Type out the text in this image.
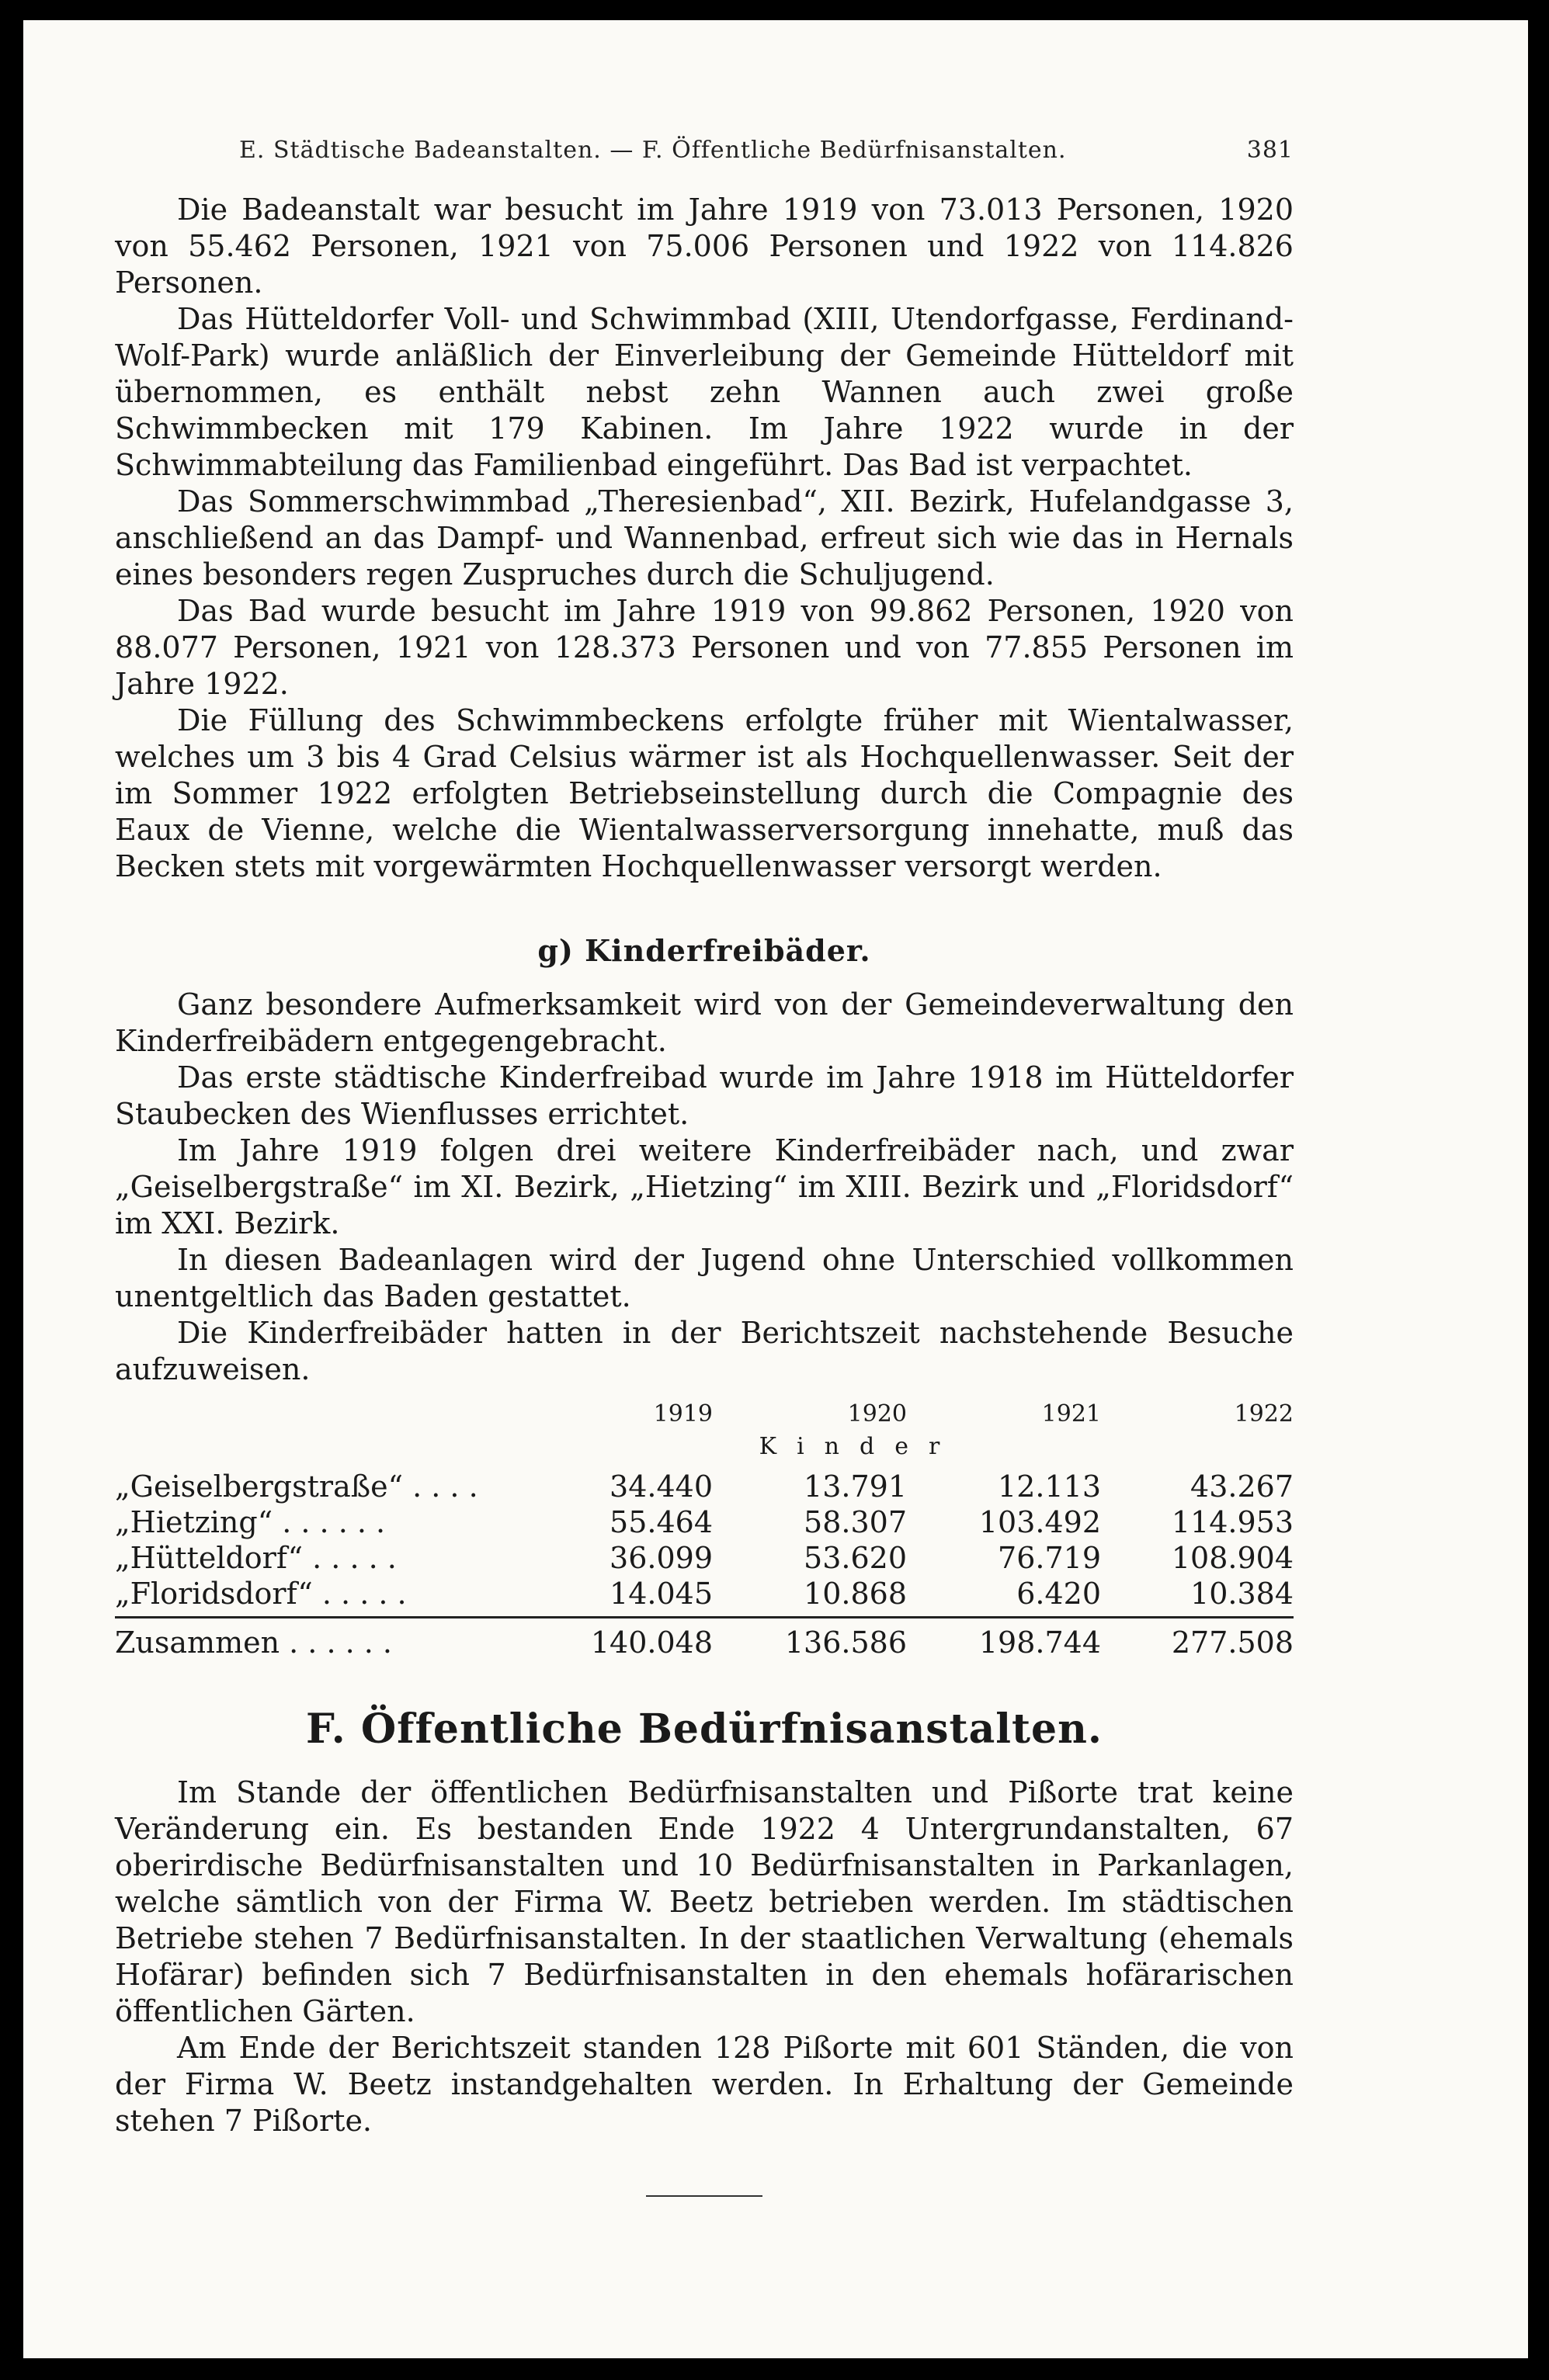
E. Städtische Badeanstalten. — F. Öffentliche Bedürfnisanstalten.	381

Die Badeanstalt war besucht im Jahre 1919 von 73.013 Personen, 1920 von 55.462 Personen, 1921 von 75.006 Personen und 1922 von 114.826 Personen.

Das Hütteldorfer Voll- und Schwimmbad (XIII, Utendorfgasse, Ferdinand-Wolf-Park) wurde anläßlich der Einverleibung der Gemeinde Hütteldorf mit übernommen, es enthält nebst zehn Wannen auch zwei große Schwimmbecken mit 179 Kabinen. Im Jahre 1922 wurde in der Schwimmabteilung das Familienbad eingeführt. Das Bad ist verpachtet.

Das Sommerschwimmbad „Theresienbad“, XII. Bezirk, Hufelandgasse 3, anschließend an das Dampf- und Wannenbad, erfreut sich wie das in Hernals eines besonders regen Zuspruches durch die Schuljugend.

Das Bad wurde besucht im Jahre 1919 von 99.862 Personen, 1920 von 88.077 Personen, 1921 von 128.373 Personen und von 77.855 Personen im Jahre 1922.

Die Füllung des Schwimmbeckens erfolgte früher mit Wientalwasser, welches um 3 bis 4 Grad Celsius wärmer ist als Hochquellenwasser. Seit der im Sommer 1922 erfolgten Betriebseinstellung durch die Compagnie des Eaux de Vienne, welche die Wientalwasserversorgung innehatte, muß das Becken stets mit vorgewärmten Hochquellenwasser versorgt werden.

g) Kinderfreibäder.

Ganz besondere Aufmerksamkeit wird von der Gemeindeverwaltung den Kinderfreibädern entgegengebracht.

Das erste städtische Kinderfreibad wurde im Jahre 1918 im Hütteldorfer Staubecken des Wienflusses errichtet.

Im Jahre 1919 folgen drei weitere Kinderfreibäder nach, und zwar „Geiselbergstraße“ im XI. Bezirk, „Hietzing“ im XIII. Bezirk und „Floridsdorf“ im XXI. Bezirk.

In diesen Badeanlagen wird der Jugend ohne Unterschied vollkommen unentgeltlich das Baden gestattet.

Die Kinderfreibäder hatten in der Berichtszeit nachstehende Besuche aufzuweisen.

1919	1920	1921	1922
Kinder
„Geiselbergstraße“ . . . .	34.440	13.791	12.113	43.267
„Hietzing“ . . . . . .	55.464	58.307	103.492	114.953
„Hütteldorf“ . . . . .	36.099	53.620	76.719	108.904
„Floridsdorf“ . . . . .	14.045	10.868	6.420	10.384
Zusammen . . . . . .	140.048	136.586	198.744	277.508
F. Öffentliche Bedürfnisanstalten.

Im Stande der öffentlichen Bedürfnisanstalten und Pißorte trat keine Veränderung ein. Es bestanden Ende 1922 4 Untergrundanstalten, 67 oberirdische Bedürfnisanstalten und 10 Bedürfnisanstalten in Parkanlagen, welche sämtlich von der Firma W. Beetz betrieben werden. Im städtischen Betriebe stehen 7 Bedürfnisanstalten. In der staatlichen Verwaltung (ehemals Hofärar) befinden sich 7 Bedürfnisanstalten in den ehemals hofärarischen öffentlichen Gärten.

Am Ende der Berichtszeit standen 128 Pißorte mit 601 Ständen, die von der Firma W. Beetz instandgehalten werden. In Erhaltung der Gemeinde stehen 7 Pißorte.
